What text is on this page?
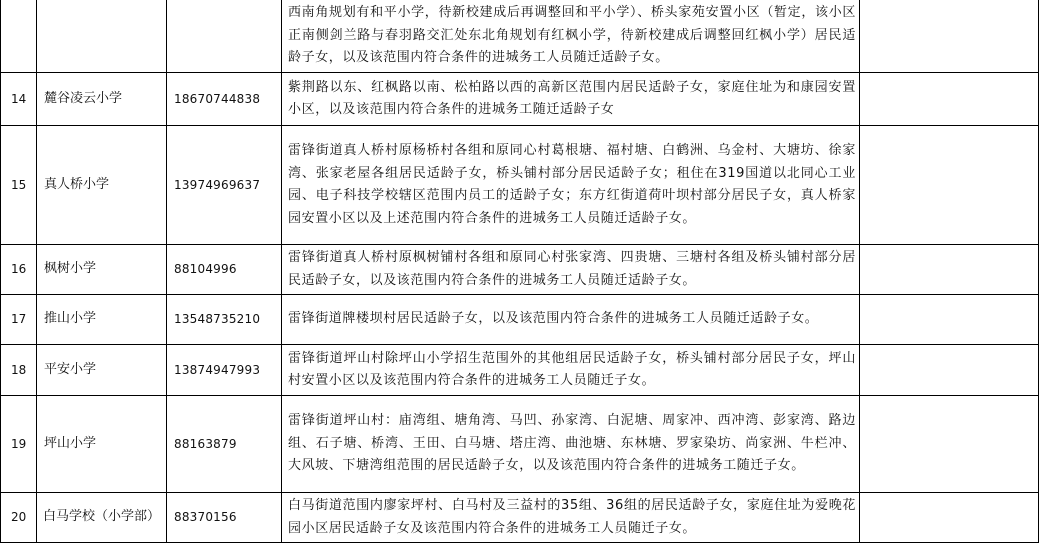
			西南角规划有和平小学，待新校建成后再调整回和平小学）、桥头家苑安置小区（暂定，该小区正南侧剑兰路与春羽路交汇处东北角规划有红枫小学，待新校建成后调整回红枫小学）居民适龄子女，以及该范围内符合条件的进城务工人员随迁适龄子女。	
14	麓谷凌云小学	18670744838	紫荆路以东、红枫路以南、松柏路以西的高新区范围内居民适龄子女，家庭住址为和康园安置小区，以及该范围内符合条件的进城务工随迁适龄子女	
15	真人桥小学	13974969637	雷锋街道真人桥村原杨桥村各组和原同心村葛根塘、福村塘、白鹤洲、乌金村、大塘坊、徐家湾、张家老屋各组居民适龄子女，桥头铺村部分居民适龄子女；租住在319国道以北同心工业园、电子科技学校辖区范围内员工的适龄子女；东方红街道荷叶坝村部分居民子女，真人桥家园安置小区以及上述范围内符合条件的进城务工人员随迁适龄子女。	
16	枫树小学	88104996	雷锋街道真人桥村原枫树铺村各组和原同心村张家湾、四贵塘、三塘村各组及桥头铺村部分居民适龄子女，以及该范围内符合条件的进城务工人员随迁适龄子女。	
17	推山小学	13548735210	雷锋街道牌楼坝村居民适龄子女，以及该范围内符合条件的进城务工人员随迁适龄子女。	
18	平安小学	13874947993	雷锋街道坪山村除坪山小学招生范围外的其他组居民适龄子女，桥头铺村部分居民子女，坪山村安置小区以及该范围内符合条件的进城务工人员随迁子女。	
19	坪山小学	88163879	雷锋街道坪山村：庙湾组、塘角湾、马凹、孙家湾、白泥塘、周家冲、西冲湾、彭家湾、路边组、石子塘、桥湾、王田、白马塘、塔庄湾、曲池塘、东林塘、罗家染坊、尚家洲、牛栏冲、大风坡、下塘湾组范围的居民适龄子女，以及该范围内符合条件的进城务工随迁子女。	
20	白马学校（小学部）	88370156	白马街道范围内廖家坪村、白马村及三益村的35组、36组的居民适龄子女，家庭住址为爱晚花园小区居民适龄子女及该范围内符合条件的进城务工人员随迁子女。	
